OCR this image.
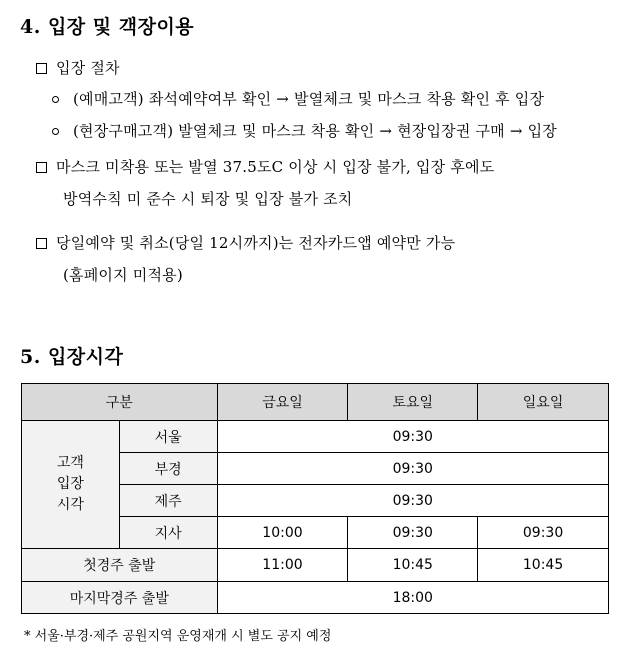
4. 입장 및 객장이용
입장 절차
(예매고객) 좌석예약여부 확인 → 발열체크 및 마스크 착용 확인 후 입장
(현장구매고객) 발열체크 및 마스크 착용 확인 → 현장입장권 구매 → 입장
마스크 미착용 또는 발열 37.5도C 이상 시 입장 불가, 입장 후에도
방역수칙 미 준수 시 퇴장 및 입장 불가 조치
당일예약 및 취소(당일 12시까지)는 전자카드앱 예약만 가능
(홈페이지 미적용)
5. 입장시각
구분		금요일	토요일	일요일
고객
입장
시각	서울	09:30		
	부경	09:30		
	제주	09:30		
	지사	10:00	09:30	09:30
첫경주 출발		11:00	10:45	10:45
마지막경주 출발		18:00		
* 서울·부경·제주 공원지역 운영재개 시 별도 공지 예정
